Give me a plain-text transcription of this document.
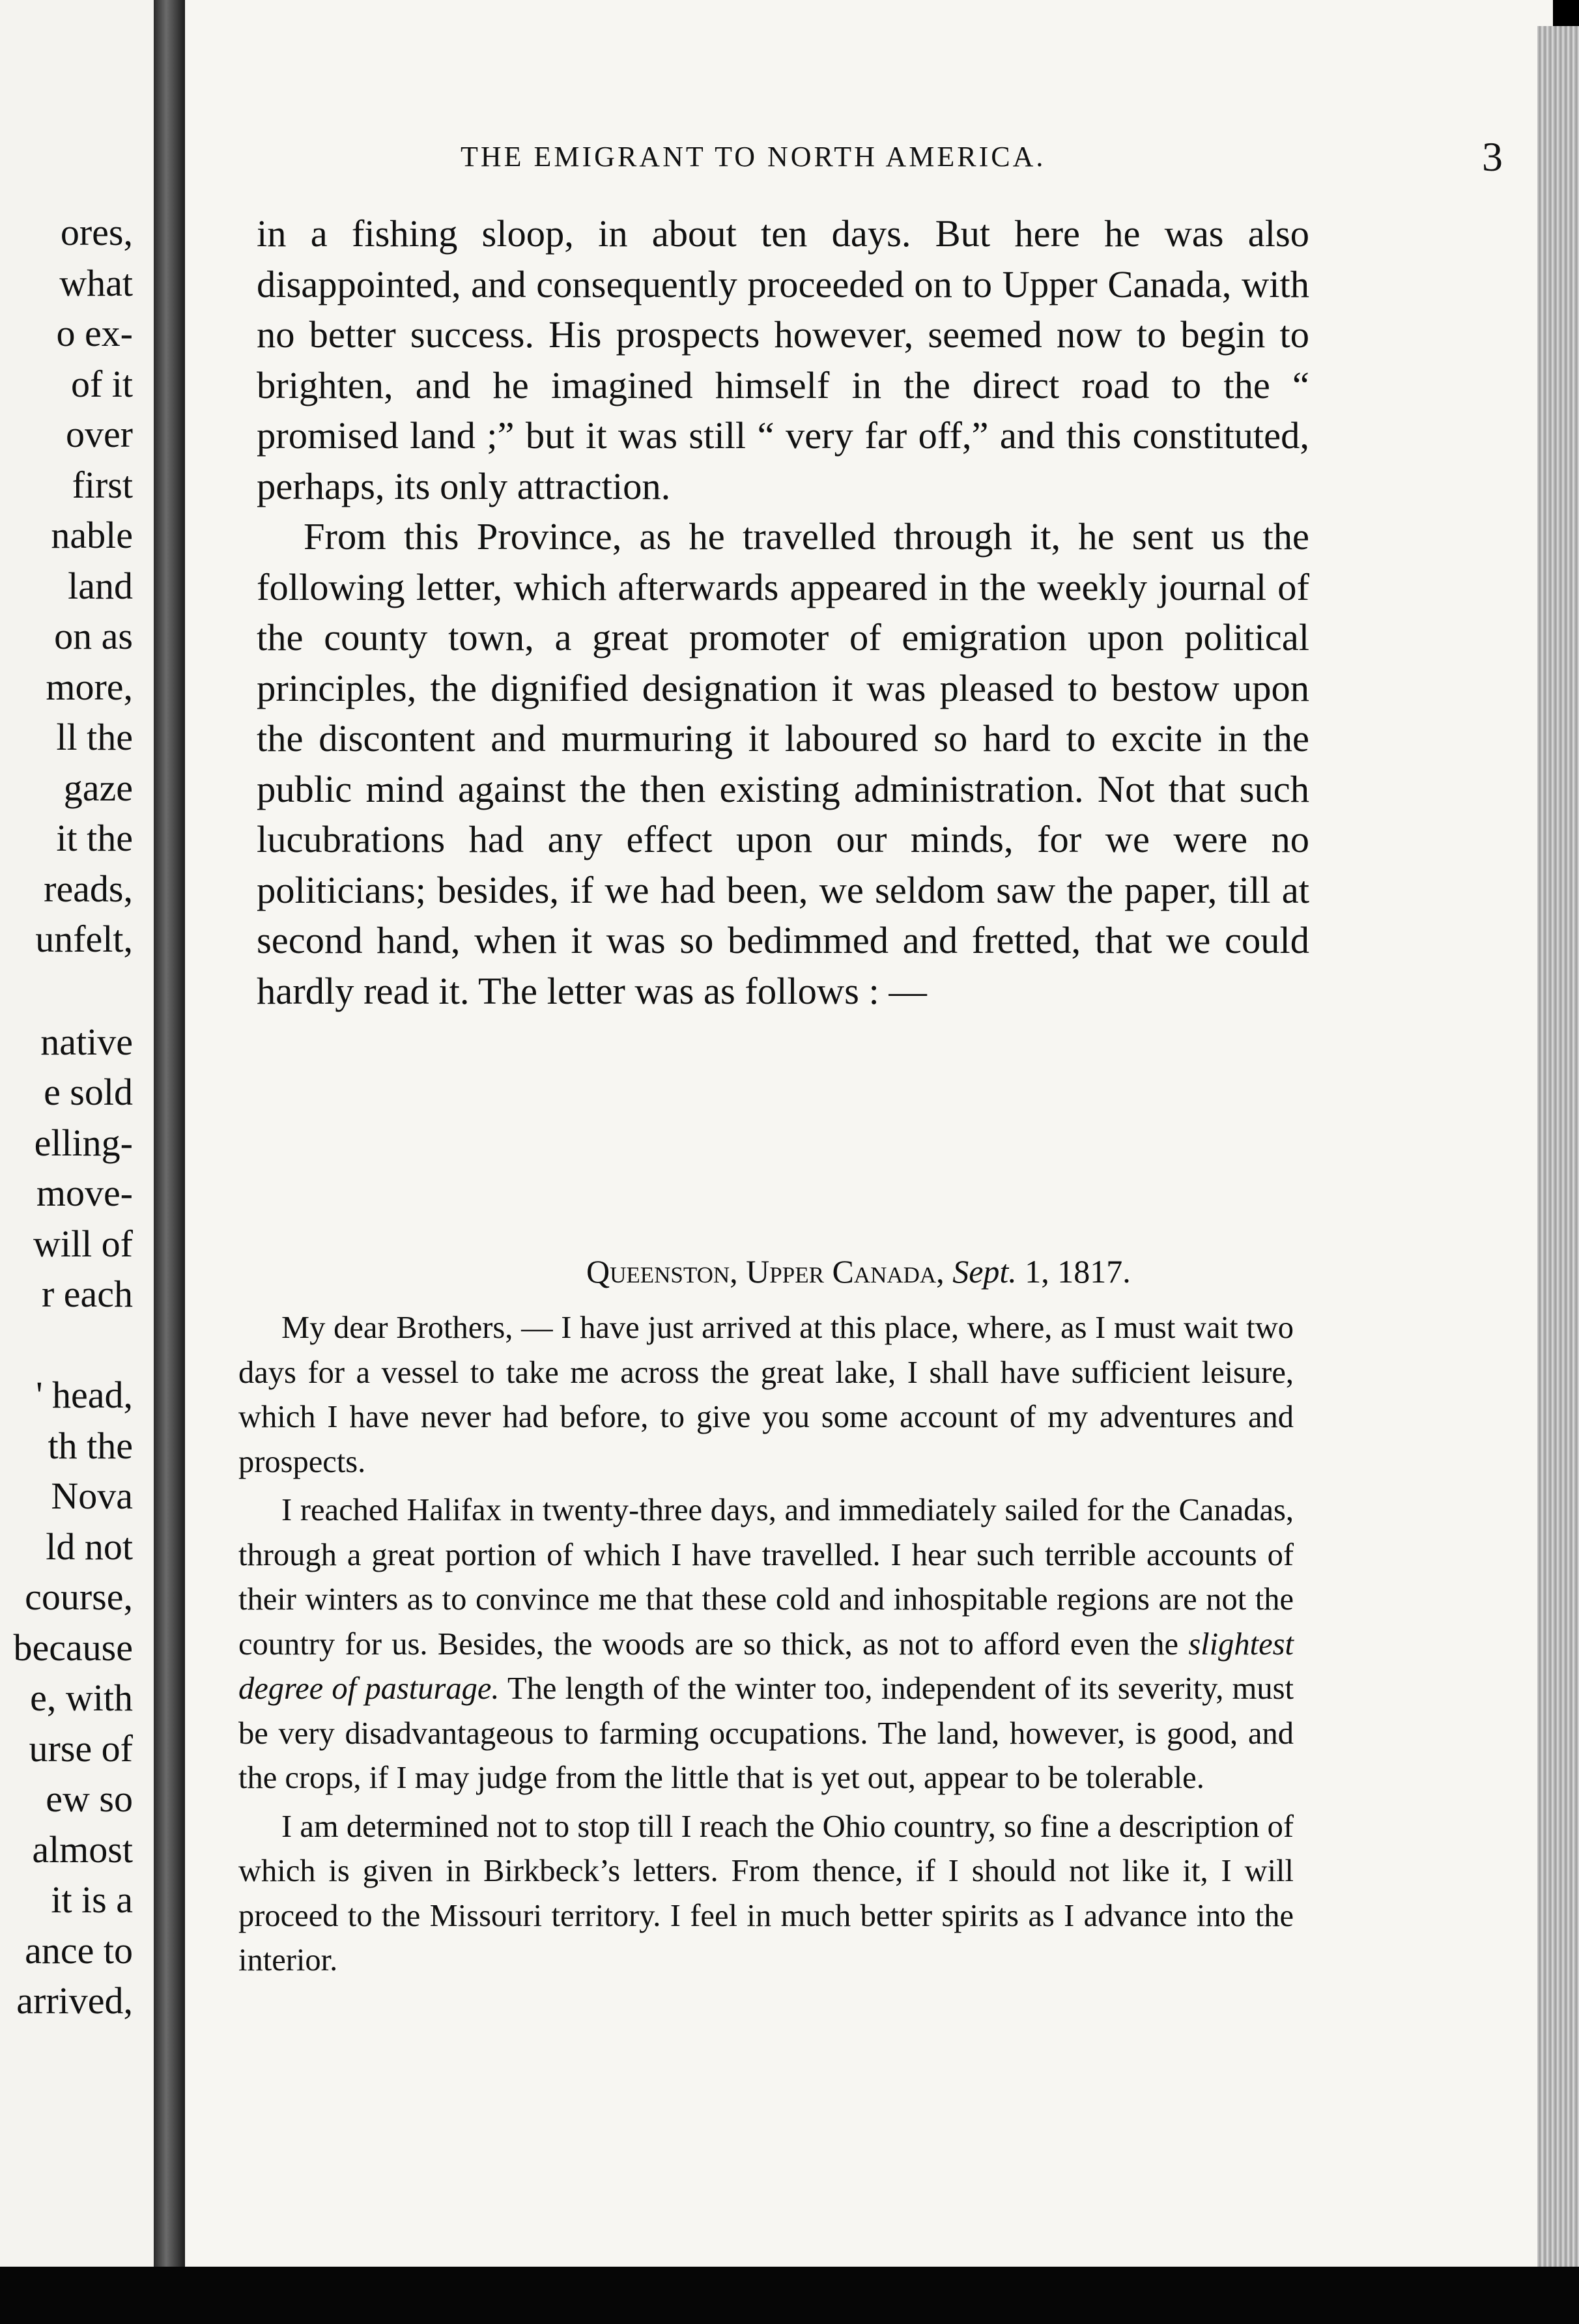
ores,
what
o ex-
of it
over
first
nable
land
on as
more,
ll the
gaze
it the
reads,
unfelt,
native
e sold
elling-
move-
will of
r each

' head,
th the
Nova
ld not
course,
because
e, with
urse of
ew so
almost
it is a
ance to
arrived,
THE EMIGRANT TO NORTH AMERICA.	3

in a fishing sloop, in about ten days. But here he was also disappointed, and consequently proceeded on to Upper Canada, with no better success. His prospects however, seemed now to begin to brighten, and he imagined himself in the direct road to the “ promised land ;” but it was still “ very far off,” and this constituted, perhaps, its only attraction.

From this Province, as he travelled through it, he sent us the following letter, which afterwards appeared in the weekly journal of the county town, a great promoter of emigration upon political principles, the dignified designation it was pleased to bestow upon the discontent and murmuring it laboured so hard to excite in the public mind against the then existing administration. Not that such lucubrations had any effect upon our minds, for we were no politicians; besides, if we had been, we seldom saw the paper, till at second hand, when it was so bedimmed and fretted, that we could hardly read it. The letter was as follows : —

Queenston, Upper Canada, Sept. 1, 1817.

My dear Brothers, — I have just arrived at this place, where, as I must wait two days for a vessel to take me across the great lake, I shall have sufficient leisure, which I have never had before, to give you some account of my adventures and prospects.

I reached Halifax in twenty-three days, and immediately sailed for the Canadas, through a great portion of which I have travelled. I hear such terrible accounts of their winters as to convince me that these cold and inhospitable regions are not the country for us. Besides, the woods are so thick, as not to afford even the slightest degree of pasturage. The length of the winter too, independent of its severity, must be very disadvantageous to farming occupations. The land, however, is good, and the crops, if I may judge from the little that is yet out, appear to be tolerable.

I am determined not to stop till I reach the Ohio country, so fine a description of which is given in Birkbeck’s letters. From thence, if I should not like it, I will proceed to the Missouri territory. I feel in much better spirits as I advance into the interior.
